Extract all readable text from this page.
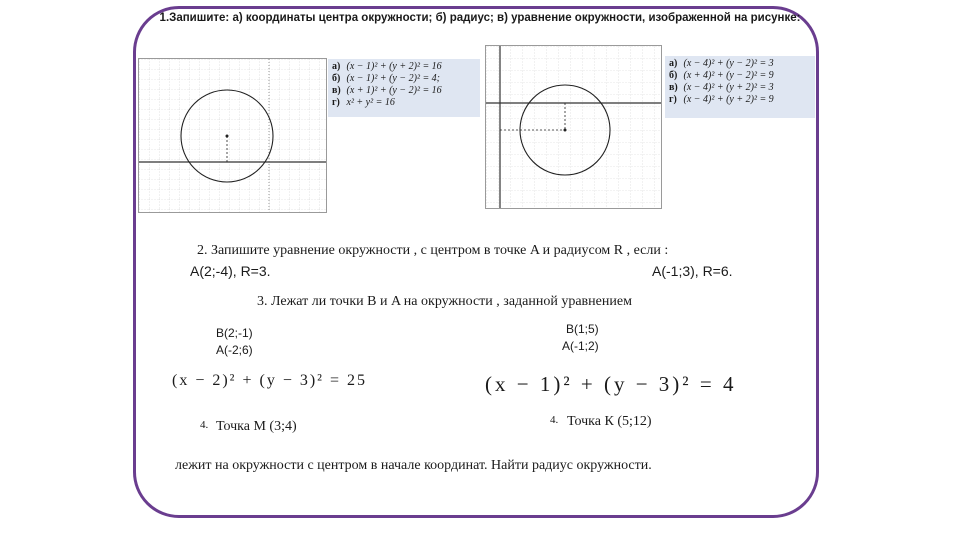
1.Запишите: а) координаты центра окружности; б) радиус; в) уравнение окружности, изображенной на рисунке:
а) (x − 1)² + (y + 2)² = 16
б) (x − 1)² + (y − 2)² = 4;
в) (x + 1)² + (y − 2)² = 16
г) x² + y² = 16
а) (x − 4)² + (y − 2)² = 3
б) (x + 4)² + (y − 2)² = 9
в) (x − 4)² + (y + 2)² = 3
г) (x − 4)² + (y + 2)² = 9
2. Запишите уравнение окружности , с центром в точке A и радиусом R , если :
A(2;-4), R=3.	A(-1;3), R=6.
3. Лежат ли точки B и A на окружности , заданной уравнением
B(2;-1)
A(-2;6)
B(1;5)
A(-1;2)
(x − 2)² + (y − 3)² = 25	(x − 1)² + (y − 3)² = 4
4. Точка М (3;4)	4. Точка К (5;12)
лежит на окружности с центром в начале координат. Найти радиус окружности.
